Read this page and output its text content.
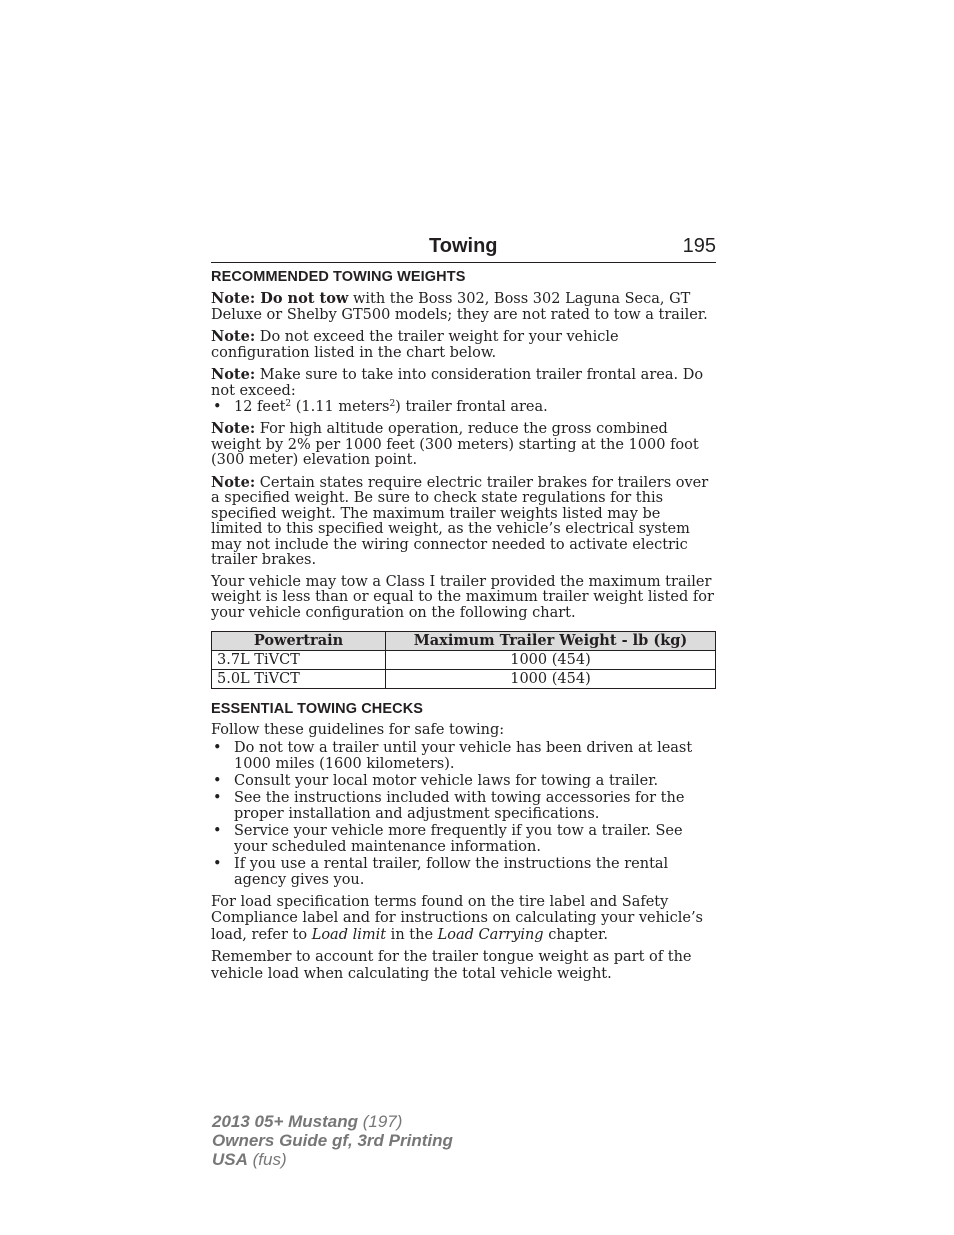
Towing	195
RECOMMENDED TOWING WEIGHTS

Note: Do not tow with the Boss 302, Boss 302 Laguna Seca, GT Deluxe or Shelby GT500 models; they are not rated to tow a trailer.

Note: Do not exceed the trailer weight for your vehicle configuration listed in the chart below.

Note: Make sure to take into consideration trailer frontal area. Do not exceed:

• 12 feet$^2$ (1.11 meters$^2$) trailer frontal area.

Note: For high altitude operation, reduce the gross combined weight by 2% per 1000 feet (300 meters) starting at the 1000 foot (300 meter) elevation point.

Note: Certain states require electric trailer brakes for trailers over a specified weight. Be sure to check state regulations for this specified weight. The maximum trailer weights listed may be limited to this specified weight, as the vehicle’s electrical system may not include the wiring connector needed to activate electric trailer brakes.

Your vehicle may tow a Class I trailer provided the maximum trailer weight is less than or equal to the maximum trailer weight listed for your vehicle configuration on the following chart.

Powertrain	Maximum Trailer Weight - lb (kg)
3.7L TiVCT	1000 (454)
5.0L TiVCT	1000 (454)
ESSENTIAL TOWING CHECKS

Follow these guidelines for safe towing:

• Do not tow a trailer until your vehicle has been driven at least 1000 miles (1600 kilometers).
• Consult your local motor vehicle laws for towing a trailer.
• See the instructions included with towing accessories for the proper installation and adjustment specifications.
• Service your vehicle more frequently if you tow a trailer. See your scheduled maintenance information.
• If you use a rental trailer, follow the instructions the rental agency gives you.

For load specification terms found on the tire label and Safety Compliance label and for instructions on calculating your vehicle’s load, refer to Load limit in the Load Carrying chapter.

Remember to account for the trailer tongue weight as part of the vehicle load when calculating the total vehicle weight.

2013 05+ Mustang (197)
Owners Guide gf, 3rd Printing
USA (fus)
